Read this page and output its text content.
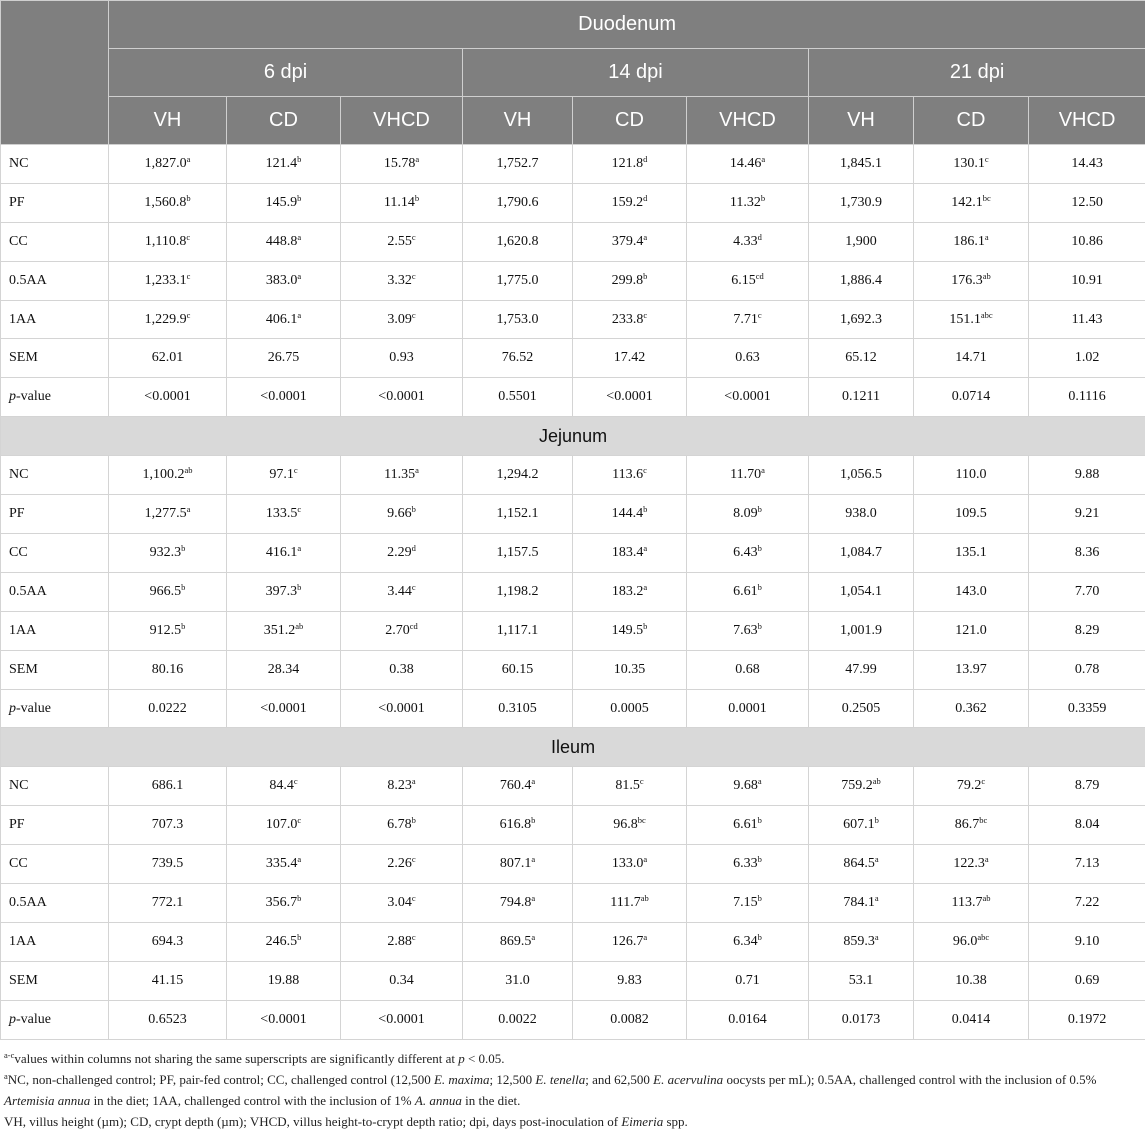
	Duodenum								
	6 dpi			14 dpi			21 dpi		
	VH	CD	VHCD	VH	CD	VHCD	VH	CD	VHCD
NC	1,827.0$^a$	121.4$^b$	15.78$^a$	1,752.7	121.8$^d$	14.46$^a$	1,845.1	130.1$^c$	14.43
PF	1,560.8$^b$	145.9$^b$	11.14$^b$	1,790.6	159.2$^d$	11.32$^b$	1,730.9	142.1$^{bc}$	12.50
CC	1,110.8$^c$	448.8$^a$	2.55$^c$	1,620.8	379.4$^a$	4.33$^d$	1,900	186.1$^a$	10.86
0.5AA	1,233.1$^c$	383.0$^a$	3.32$^c$	1,775.0	299.8$^b$	6.15$^{cd}$	1,886.4	176.3$^{ab}$	10.91
1AA	1,229.9$^c$	406.1$^a$	3.09$^c$	1,753.0	233.8$^c$	7.71$^c$	1,692.3	151.1$^{abc}$	11.43
SEM	62.01	26.75	0.93	76.52	17.42	0.63	65.12	14.71	1.02
p-value	<0.0001	<0.0001	<0.0001	0.5501	<0.0001	<0.0001	0.1211	0.0714	0.1116
Jejunum									
NC	1,100.2$^{ab}$	97.1$^c$	11.35$^a$	1,294.2	113.6$^c$	11.70$^a$	1,056.5	110.0	9.88
PF	1,277.5$^a$	133.5$^c$	9.66$^b$	1,152.1	144.4$^b$	8.09$^b$	938.0	109.5	9.21
CC	932.3$^b$	416.1$^a$	2.29$^d$	1,157.5	183.4$^a$	6.43$^b$	1,084.7	135.1	8.36
0.5AA	966.5$^b$	397.3$^b$	3.44$^c$	1,198.2	183.2$^a$	6.61$^b$	1,054.1	143.0	7.70
1AA	912.5$^b$	351.2$^{ab}$	2.70$^{cd}$	1,117.1	149.5$^b$	7.63$^b$	1,001.9	121.0	8.29
SEM	80.16	28.34	0.38	60.15	10.35	0.68	47.99	13.97	0.78
p-value	0.0222	<0.0001	<0.0001	0.3105	0.0005	0.0001	0.2505	0.362	0.3359
Ileum									
NC	686.1	84.4$^c$	8.23$^a$	760.4$^a$	81.5$^c$	9.68$^a$	759.2$^{ab}$	79.2$^c$	8.79
PF	707.3	107.0$^c$	6.78$^b$	616.8$^b$	96.8$^{bc}$	6.61$^b$	607.1$^b$	86.7$^{bc}$	8.04
CC	739.5	335.4$^a$	2.26$^c$	807.1$^a$	133.0$^a$	6.33$^b$	864.5$^a$	122.3$^a$	7.13
0.5AA	772.1	356.7$^b$	3.04$^c$	794.8$^a$	111.7$^{ab}$	7.15$^b$	784.1$^a$	113.7$^{ab}$	7.22
1AA	694.3	246.5$^b$	2.88$^c$	869.5$^a$	126.7$^a$	6.34$^b$	859.3$^a$	96.0$^{abc}$	9.10
SEM	41.15	19.88	0.34	31.0	9.83	0.71	53.1	10.38	0.69
p-value	0.6523	<0.0001	<0.0001	0.0022	0.0082	0.0164	0.0173	0.0414	0.1972
$^{a-c}$values within columns not sharing the same superscripts are significantly different at p < 0.05.
$^a$NC, non-challenged control; PF, pair-fed control; CC, challenged control (12,500 E. maxima; 12,500 E. tenella; and 62,500 E. acervulina oocysts per mL); 0.5AA, challenged control with the inclusion of 0.5% Artemisia annua in the diet; 1AA, challenged control with the inclusion of 1% A. annua in the diet.
VH, villus height (µm); CD, crypt depth (µm); VHCD, villus height-to-crypt depth ratio; dpi, days post-inoculation of Eimeria spp.
